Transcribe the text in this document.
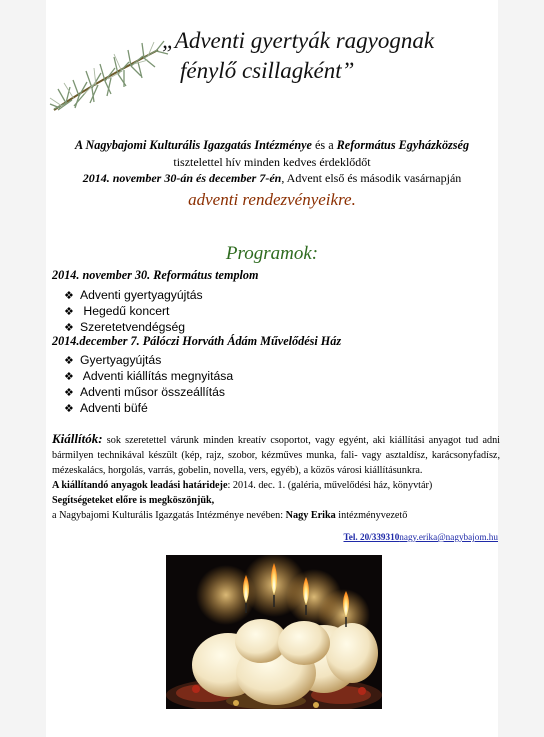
„Adventi gyertyák ragyognak
fénylő csillagként”
A Nagybajomi Kulturális Igazgatás Intézménye és a Református Egyházközség
tisztelettel hív minden kedves érdeklődőt
2014. november 30-án és december 7-én, Advent első és második vasárnapján
adventi rendezvényeikre.
Programok:
2014. november 30. Református templom
❖ Adventi gyertyagyújtás
❖ Hegedű koncert
❖ Szeretetvendégség
2014.december 7. Pálóczi Horváth Ádám Művelődési Ház
❖ Gyertyagyújtás
❖ Adventi kiállítás megnyitása
❖ Adventi műsor összeállítás
❖ Adventi büfé

Kiállítók: sok szeretettel várunk minden kreatív csoportot, vagy egyént, aki kiállítási anyagot tud adni bármilyen technikával készült (kép, rajz, szobor, kézműves munka, fali- vagy asztaldísz, karácsonyfadísz, mézeskalács, horgolás, varrás, gobelin, novella, vers, egyéb), a közös városi kiállításunkra.

A kiállítandó anyagok leadási határideje: 2014. dec. 1. (galéria, művelődési ház, könyvtár)

Segítségeteket előre is megköszönjük,

a Nagybajomi Kulturális Igazgatás Intézménye nevében: Nagy Erika intézményvezető

Tel. 20/339310nagy.erika@nagybajom.hu
